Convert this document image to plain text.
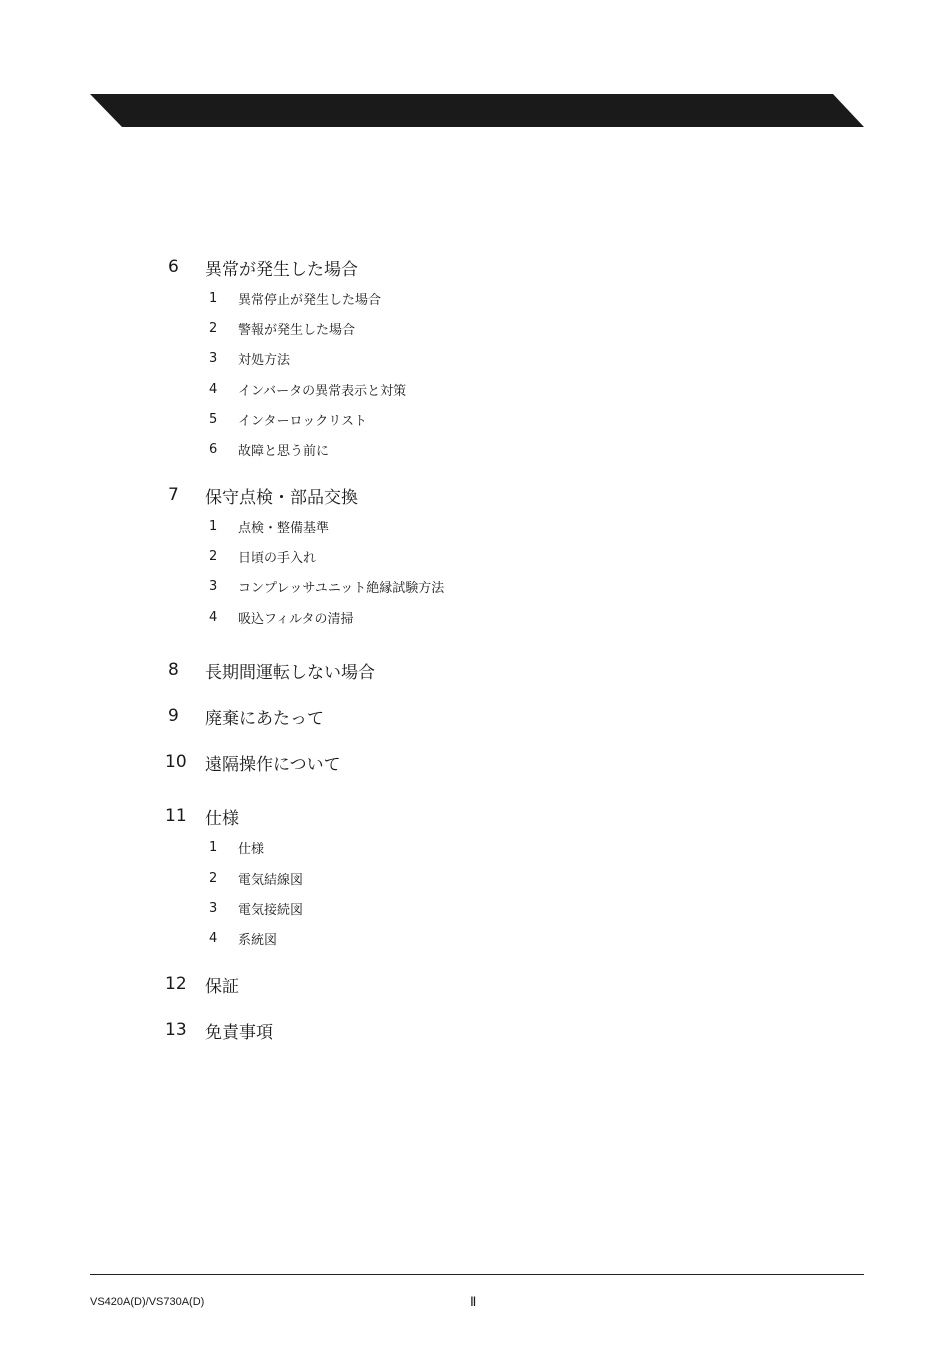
6	異常が発生した場合
1 異常停止が発生した場合
2 警報が発生した場合
3 対処方法
4 インバータの異常表示と対策
5 インターロックリスト
6 故障と思う前に
7	保守点検・部品交換
1 点検・整備基準
2 日頃の手入れ
3 コンプレッサユニット絶縁試験方法
4 吸込フィルタの清掃
8	長期間運転しない場合
9	廃棄にあたって
10	遠隔操作について
11	仕様
1 仕様
2 電気結線図
3 電気接続図
4 系統図
12	保証
13	免責事項
VS420A(D)/VS730A(D)	Ⅱ
